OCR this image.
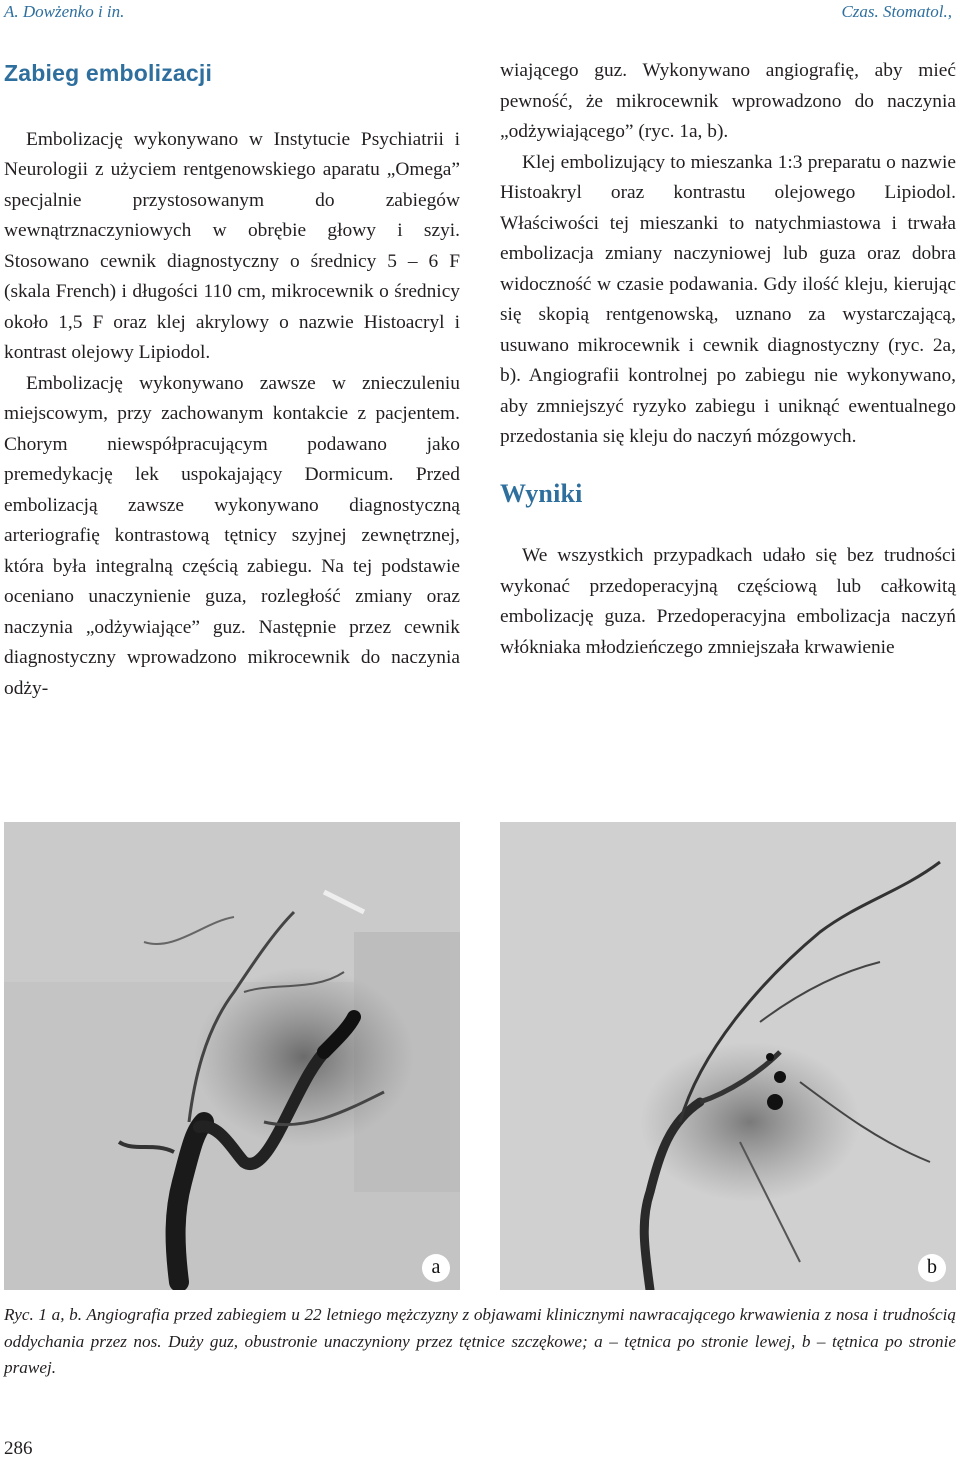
A. Dowżenko i in.	Czas. Stomatol.,
Zabieg embolizacji

Embolizację wykonywano w Instytucie Psychiatrii i Neurologii z użyciem rentgenowskiego aparatu „Omega” specjalnie przystosowanym do zabiegów wewnątrznaczyniowych w obrębie głowy i szyi. Stosowano cewnik diagnostyczny o średnicy 5 – 6 F (skala French) i długości 110 cm, mikrocewnik o średnicy około 1,5 F oraz klej akrylowy o nazwie Histoacryl i kontrast olejowy Lipiodol.

Embolizację wykonywano zawsze w znieczuleniu miejscowym, przy zachowanym kontakcie z pacjentem. Chorym niewspółpracującym podawano jako premedykację lek uspokajający Dormicum. Przed embolizacją zawsze wykonywano diagnostyczną arteriografię kontrastową tętnicy szyjnej zewnętrznej, która była integralną częścią zabiegu. Na tej podstawie oceniano unaczynienie guza, rozległość zmiany oraz naczynia „odżywiające” guz. Następnie przez cewnik diagnostyczny wprowadzono mikrocewnik do naczynia odży-

wiającego guz. Wykonywano angiografię, aby mieć pewność, że mikrocewnik wprowadzono do naczynia „odżywiającego” (ryc. 1a, b).

Klej embolizujący to mieszanka 1:3 preparatu o nazwie Histoakryl oraz kontrastu olejowego Lipiodol. Właściwości tej mieszanki to natychmiastowa i trwała embolizacja zmiany naczyniowej lub guza oraz dobra widoczność w czasie podawania. Gdy ilość kleju, kierując się skopią rentgenowską, uznano za wystarczającą, usuwano mikrocewnik i cewnik diagnostyczny (ryc. 2a, b). Angiografii kontrolnej po zabiegu nie wykonywano, aby zmniejszyć ryzyko zabiegu i uniknąć ewentualnego przedostania się kleju do naczyń mózgowych.

Wyniki

We wszystkich przypadkach udało się bez trudności wykonać przedoperacyjną częściową lub całkowitą embolizację guza. Przedoperacyjna embolizacja naczyń włókniaka młodzieńczego zmniejszała krwawienie

a	b
Ryc. 1 a, b. Angiografia przed zabiegiem u 22 letniego mężczyzny z objawami klinicznymi nawracającego krwawienia z nosa i trudnością oddychania przez nos. Duży guz, obustronie unaczyniony przez tętnice szczękowe; a – tętnica po stronie lewej, b – tętnica po stronie prawej.
286
